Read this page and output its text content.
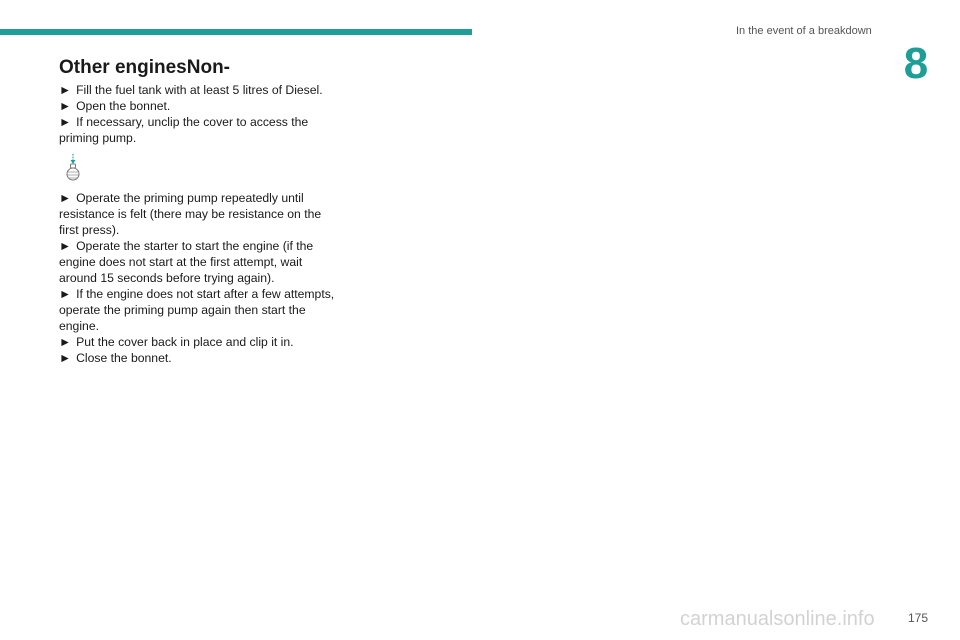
In the event of a breakdown
8
Other enginesNon-

► Fill the fuel tank with at least 5 litres of Diesel.

► Open the bonnet.

► If necessary, unclip the cover to access the priming pump.

► Operate the priming pump repeatedly until resistance is felt (there may be resistance on the first press).

► Operate the starter to start the engine (if the engine does not start at the first attempt, wait around 15 seconds before trying again).

► If the engine does not start after a few attempts, operate the priming pump again then start the engine.

► Put the cover back in place and clip it in.

► Close the bonnet.

carmanualsonline.info	175
